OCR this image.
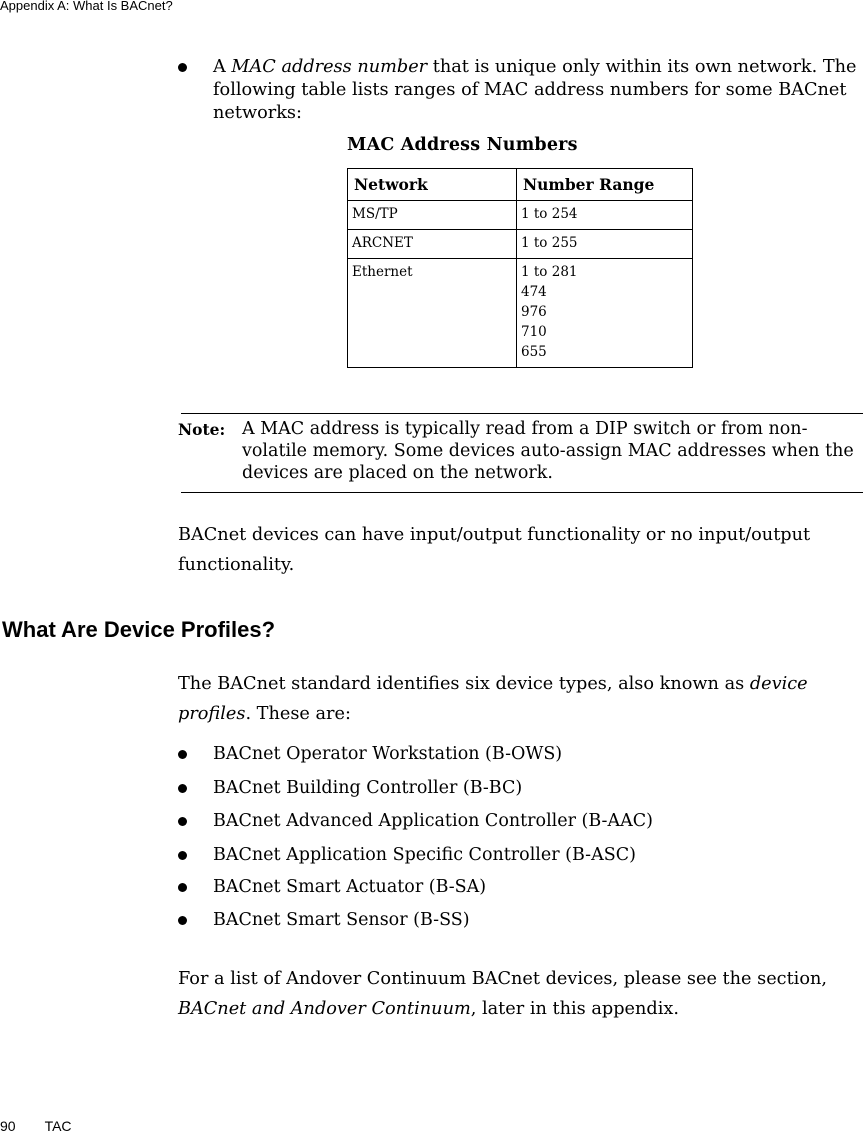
Appendix A: What Is BACnet?
A MAC address number that is unique only within its own network. The following table lists ranges of MAC address numbers for some BACnet networks:
MAC Address Numbers
Network	Number Range
MS/TP	1 to 254

ARCNET	1 to 255

Ethernet	1 to 281
474
976
710
655
Note: A MAC address is typically read from a DIP switch or from non-volatile memory. Some devices auto-assign MAC addresses when the devices are placed on the network.
BACnet devices can have input/output functionality or no input/output functionality.
What Are Device Profiles?
The BACnet standard identifies six device types, also known as device profiles. These are:
BACnet Operator Workstation (B-OWS)
BACnet Building Controller (B-BC)
BACnet Advanced Application Controller (B-AAC)
BACnet Application Specific Controller (B-ASC)
BACnet Smart Actuator (B-SA)
BACnet Smart Sensor (B-SS)
For a list of Andover Continuum BACnet devices, please see the section, BACnet and Andover Continuum, later in this appendix.
90 TAC
